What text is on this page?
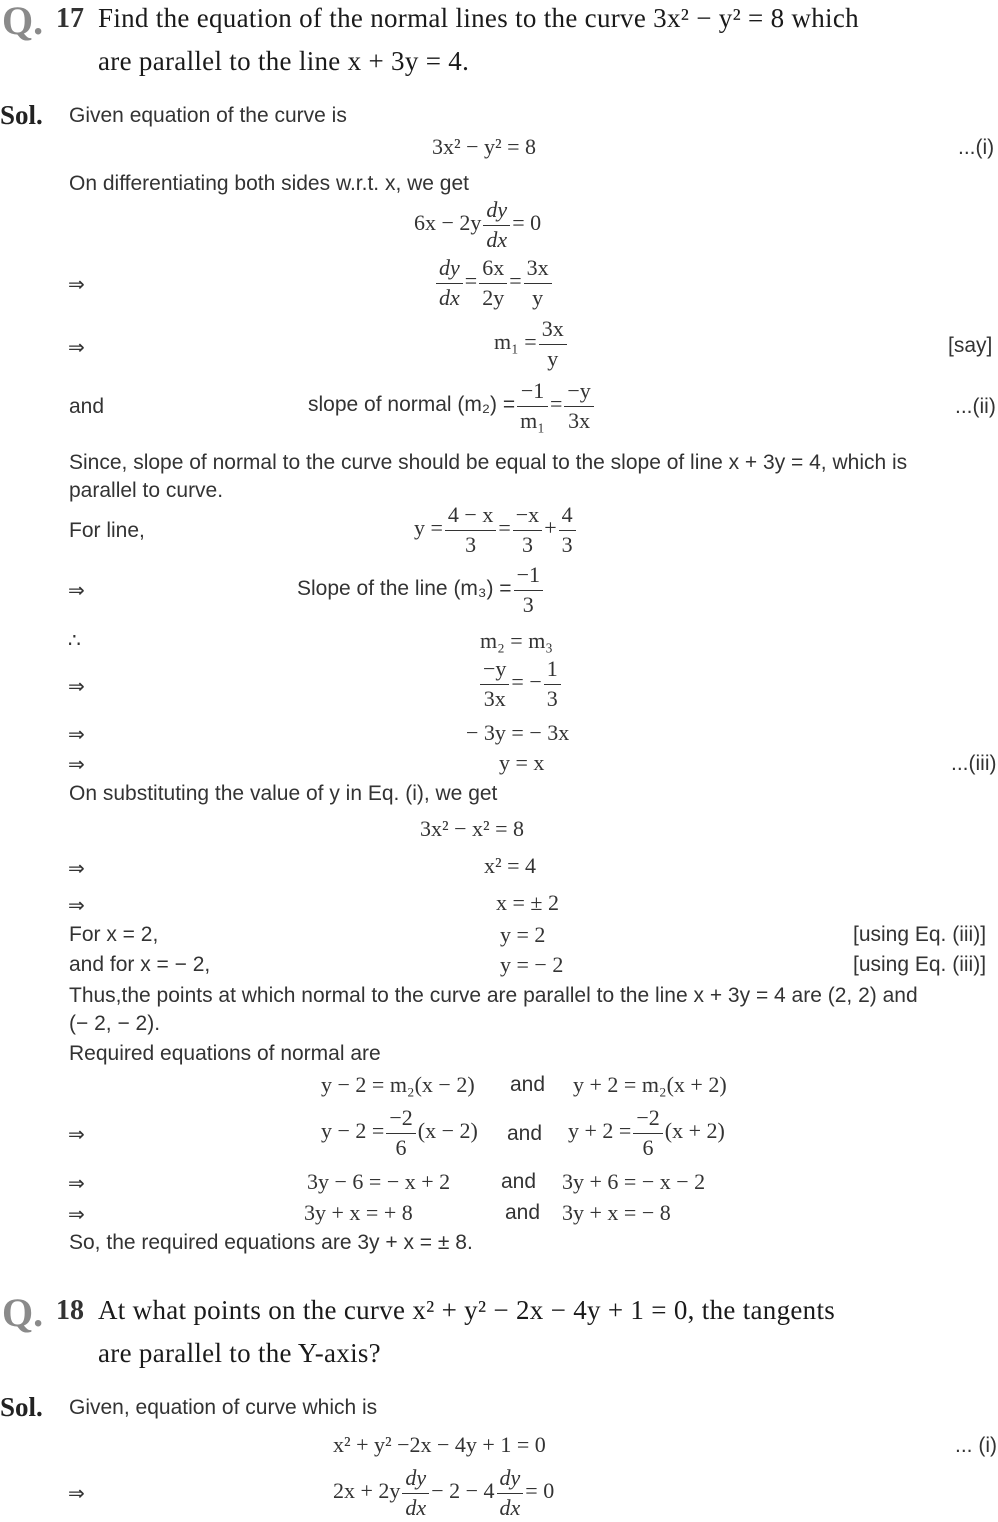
Q. 17 Find the equation of the normal lines to the curve 3x² − y² = 8 which
are parallel to the line x + 3y = 4.
Sol. Given equation of the curve is
3x² − y² = 8	...(i)
On differentiating both sides w.r.t. x, we get
$6x - 2y \frac{dy}{dx} = 0$
⇒	$\frac{dy}{dx} = \frac{6x}{2y} = \frac{3x}{y}$
⇒	$m_1 = \frac{3x}{y}$	[say]
and	slope of normal $(m_2) = \frac{-1}{\text{m₁}} = \frac{-y}{3x}$	...(ii)
Since, slope of normal to the curve should be equal to the slope of line x + 3y = 4, which is
parallel to curve.
For line,	$y = \frac{4 - x}{3} = \frac{-x}{3} + \frac{4}{3}$
⇒	Slope of the line $(m_3) = \frac{-1}{3}$
∴	m₂ = m₃
⇒	$\frac{-y}{3x}$ = − $\frac{1}{3}$
⇒	− 3y = − 3x
⇒	y = x	...(iii)
On substituting the value of y in Eq. (i), we get
3x² − x² = 8
⇒	x² = 4
⇒	x = ± 2
For x = 2,	y = 2	[using Eq. (iii)]
and for x = − 2,	y = − 2	[using Eq. (iii)]
Thus,the points at which normal to the curve are parallel to the line x + 3y = 4 are (2, 2) and
(− 2, − 2).
Required equations of normal are
y − 2 = m₂(x − 2) and y + 2 = m₂(x + 2)
⇒	$y - 2 = \frac{-2}{6} (x - 2)$ and $y + 2 = \frac{-2}{6} (x + 2)$
⇒	3y − 6 = − x + 2 and 3y + 6 = − x − 2
⇒	3y + x = + 8	and 3y + x = − 8
So, the required equations are 3y + x = ± 8.
Q. 18 At what points on the curve x² + y² − 2x − 4y + 1 = 0, the tangents
are parallel to the Y-axis?
Sol. Given, equation of curve which is
x² + y² −2x − 4y + 1 = 0	... (i)
⇒	$2x + 2y \frac{dy}{dx} - 2 - 4 \frac{dy}{dx} = 0$
